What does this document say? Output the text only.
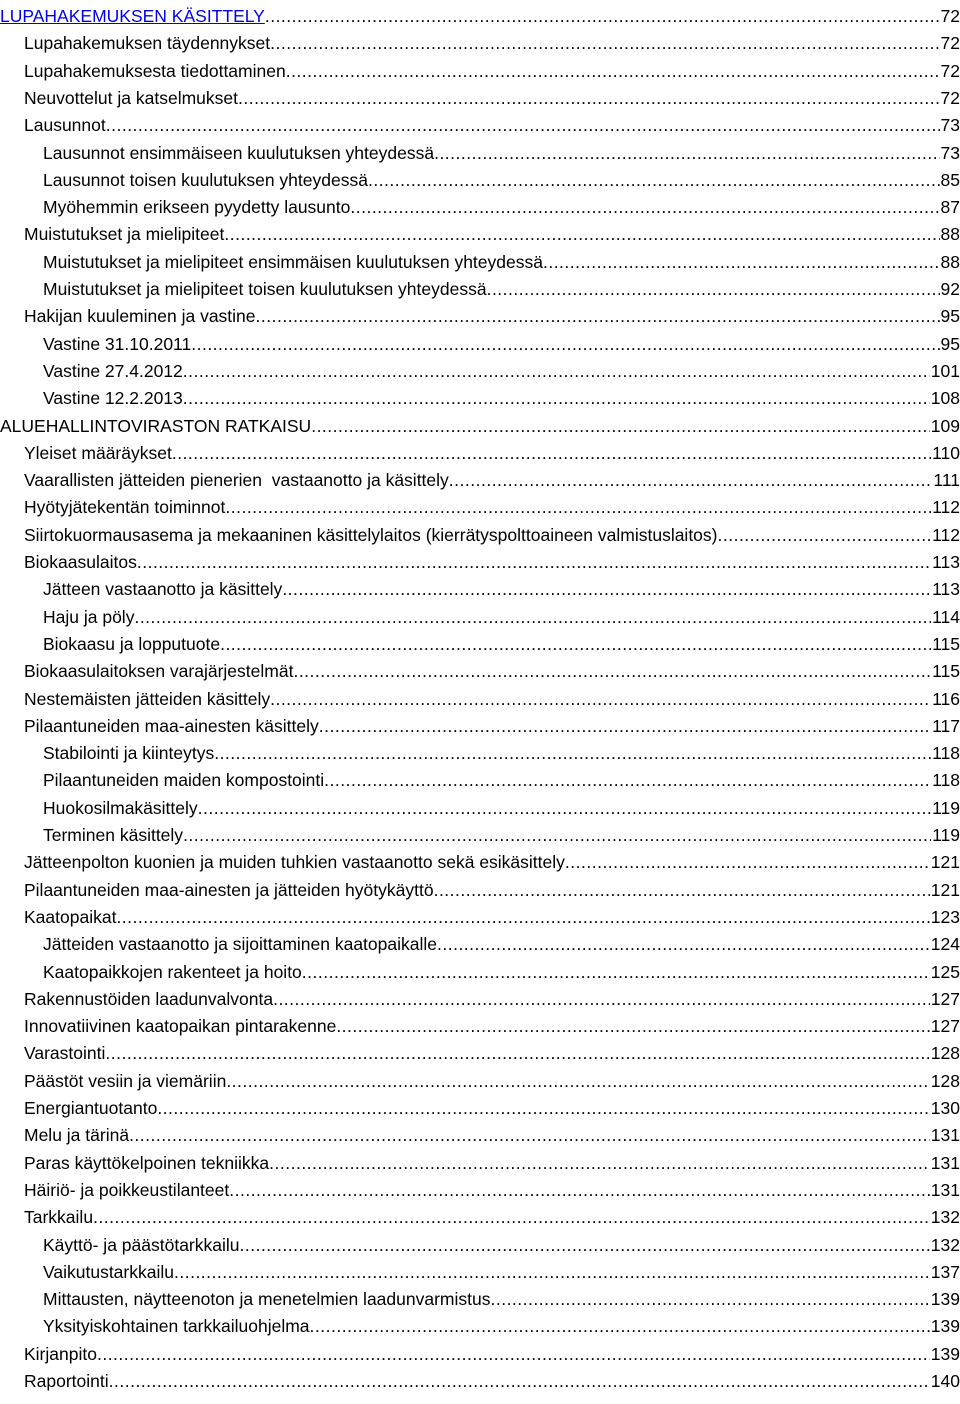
LUPAHAKEMUKSEN KÄSITTELY .....	72
Lupahakemuksen täydennykset .....	72
Lupahakemuksesta tiedottaminen .....	72
Neuvottelut ja katselmukset .....	72
Lausunnot .....	73
Lausunnot ensimmäiseen kuulutuksen yhteydessä .....	73
Lausunnot toisen kuulutuksen yhteydessä .....	85
Myöhemmin erikseen pyydetty lausunto .....	87
Muistutukset ja mielipiteet .....	88
Muistutukset ja mielipiteet ensimmäisen kuulutuksen yhteydessä .....	88
Muistutukset ja mielipiteet toisen kuulutuksen yhteydessä .....	92
Hakijan kuuleminen ja vastine .....	95
Vastine 31.10.2011 .....	95
Vastine 27.4.2012 .....	101
Vastine 12.2.2013 .....	108
ALUEHALLINTOVIRASTON RATKAISU .....	109
Yleiset määräykset .....	110
Vaarallisten jätteiden pienerien  vastaanotto ja käsittely .....	111
Hyötyjätekentän toiminnot .....	112
Siirtokuormausasema ja mekaaninen käsittelylaitos (kierrätyspolttoaineen valmistuslaitos) .....	112
Biokaasulaitos .....	113
Jätteen vastaanotto ja käsittely .....	113
Haju ja pöly .....	114
Biokaasu ja lopputuote .....	115
Biokaasulaitoksen varajärjestelmät .....	115
Nestemäisten jätteiden käsittely .....	116
Pilaantuneiden maa-ainesten käsittely .....	117
Stabilointi ja kiinteytys .....	118
Pilaantuneiden maiden kompostointi .....	118
Huokosilmakäsittely .....	119
Terminen käsittely .....	119
Jätteenpolton kuonien ja muiden tuhkien vastaanotto sekä esikäsittely .....	121
Pilaantuneiden maa-ainesten ja jätteiden hyötykäyttö .....	121
Kaatopaikat .....	123
Jätteiden vastaanotto ja sijoittaminen kaatopaikalle .....	124
Kaatopaikkojen rakenteet ja hoito .....	125
Rakennustöiden laadunvalvonta .....	127
Innovatiivinen kaatopaikan pintarakenne .....	127
Varastointi .....	128
Päästöt vesiin ja viemäriin .....	128
Energiantuotanto .....	130
Melu ja tärinä .....	131
Paras käyttökelpoinen tekniikka .....	131
Häiriö- ja poikkeustilanteet .....	131
Tarkkailu .....	132
Käyttö- ja päästötarkkailu .....	132
Vaikutustarkkailu .....	137
Mittausten, näytteenoton ja menetelmien laadunvarmistus .....	139
Yksityiskohtainen tarkkailuohjelma .....	139
Kirjanpito .....	139
Raportointi .....	140
